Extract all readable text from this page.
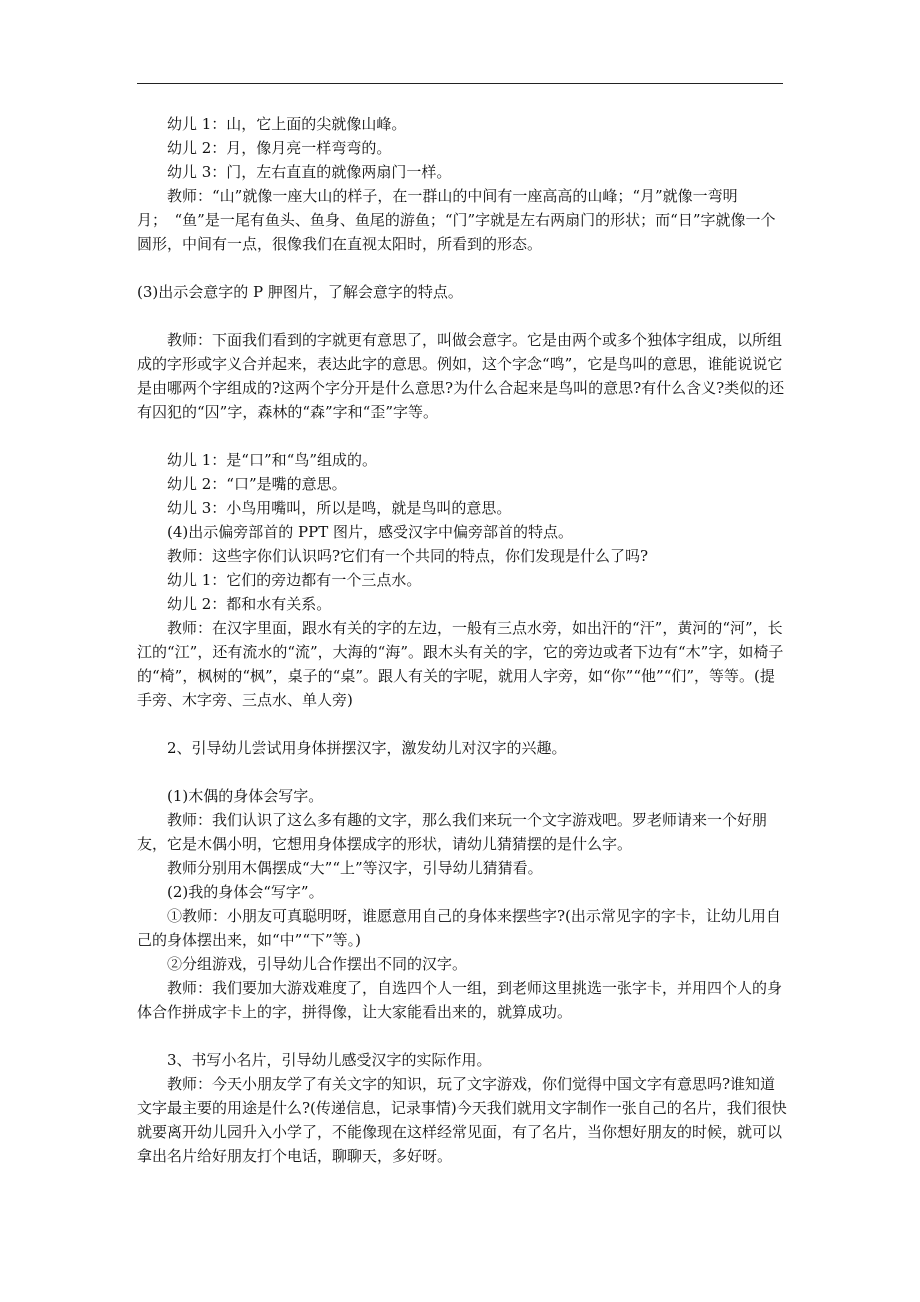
幼儿 1：山，它上面的尖就像山峰。

幼儿 2：月，像月亮一样弯弯的。

幼儿 3：门，左右直直的就像两扇门一样。

教师：“山”就像一座大山的样子，在一群山的中间有一座高高的山峰；“月”就像一弯明月；　“鱼”是一尾有鱼头、鱼身、鱼尾的游鱼；“门”字就是左右两扇门的形状；而“日”字就像一个圆形，中间有一点，很像我们在直视太阳时，所看到的形态。

(3)出示会意字的 P 胛图片，了解会意字的特点。

教师：下面我们看到的字就更有意思了，叫做会意字。它是由两个或多个独体字组成，以所组成的字形或字义合并起来，表达此字的意思。例如，这个字念“鸣”，它是鸟叫的意思，谁能说说它是由哪两个字组成的?这两个字分开是什么意思?为什么合起来是鸟叫的意思?有什么含义?类似的还有囚犯的“囚”字，森林的“森”字和“歪”字等。

幼儿 1：是“口”和“鸟”组成的。

幼儿 2：“口”是嘴的意思。

幼儿 3：小鸟用嘴叫，所以是鸣，就是鸟叫的意思。

(4)出示偏旁部首的 PPT 图片，感受汉字中偏旁部首的特点。

教师：这些字你们认识吗?它们有一个共同的特点，你们发现是什么了吗?

幼儿 1：它们的旁边都有一个三点水。

幼儿 2：都和水有关系。

教师：在汉字里面，跟水有关的字的左边，一般有三点水旁，如出汗的“汗”，黄河的“河”，长江的“江”，还有流水的“流”，大海的“海”。跟木头有关的字，它的旁边或者下边有“木”字，如椅子的“椅”，枫树的“枫”，桌子的“桌”。跟人有关的字呢，就用人字旁，如“你”“他”“们”，等等。(提手旁、木字旁、三点水、单人旁)

2、引导幼儿尝试用身体拼摆汉字，激发幼儿对汉字的兴趣。

(1)木偶的身体会写字。

教师：我们认识了这么多有趣的文字，那么我们来玩一个文字游戏吧。罗老师请来一个好朋友，它是木偶小明，它想用身体摆成字的形状，请幼儿猜猜摆的是什么字。

教师分别用木偶摆成“大”“上”等汉字，引导幼儿猜猜看。

(2)我的身体会“写字”。

①教师：小朋友可真聪明呀，谁愿意用自己的身体来摆些字?(出示常见字的字卡，让幼儿用自己的身体摆出来，如“中”“下”等。)

②分组游戏，引导幼儿合作摆出不同的汉字。

教师：我们要加大游戏难度了，自选四个人一组，到老师这里挑选一张字卡，并用四个人的身体合作拼成字卡上的字，拼得像，让大家能看出来的，就算成功。

3、书写小名片，引导幼儿感受汉字的实际作用。

教师：今天小朋友学了有关文字的知识，玩了文字游戏，你们觉得中国文字有意思吗?谁知道文字最主要的用途是什么?(传递信息，记录事情)今天我们就用文字制作一张自己的名片，我们很快就要离开幼儿园升入小学了，不能像现在这样经常见面，有了名片，当你想好朋友的时候，就可以拿出名片给好朋友打个电话，聊聊天，多好呀。
